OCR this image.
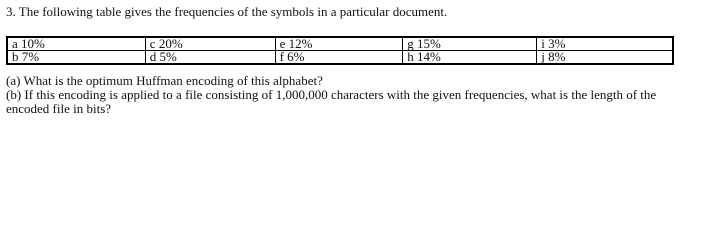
3. The following table gives the frequencies of the symbols in a particular document.

a 10%	c 20%	e 12%	g 15%	i 3%
b 7%	d 5%	f 6%	h 14%	j 8%

(a) What is the optimum Huffman encoding of this alphabet?

(b) If this encoding is applied to a file consisting of 1,000,000 characters with the given frequencies, what is the length of the

encoded file in bits?
